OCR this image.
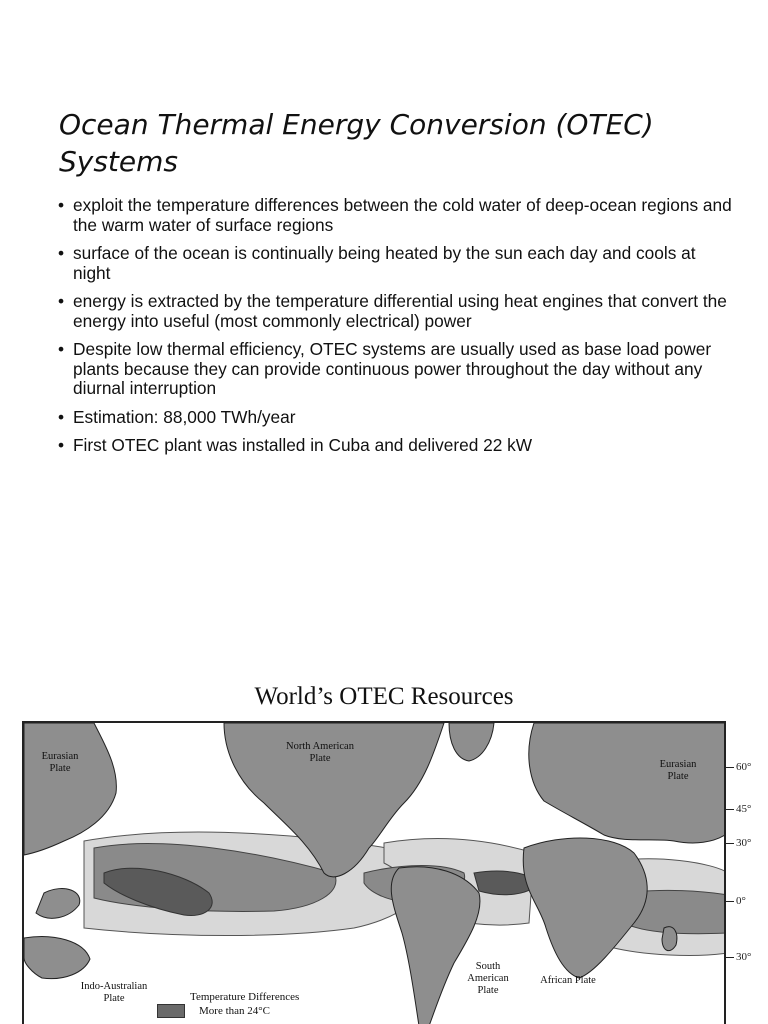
Ocean Thermal Energy Conversion (OTEC) Systems
• exploit the temperature differences between the cold water of deep-ocean regions and the warm water of surface regions
• surface of the ocean is continually being heated by the sun each day and cools at night
• energy is extracted by the temperature differential using heat engines that convert the energy into useful (most commonly electrical) power
• Despite low thermal efficiency, OTEC systems are usually used as base load power plants because they can provide continuous power throughout the day without any diurnal interruption
• Estimation: 88,000 TWh/year
• First OTEC plant was installed in Cuba and delivered 22 kW
World’s OTEC Resources
Eurasian Plate
North American Plate
Eurasian Plate
Indo-Australian Plate
South American Plate
African Plate
60°
45°
30°
0°
30°
Temperature Differences
More than 24°C
